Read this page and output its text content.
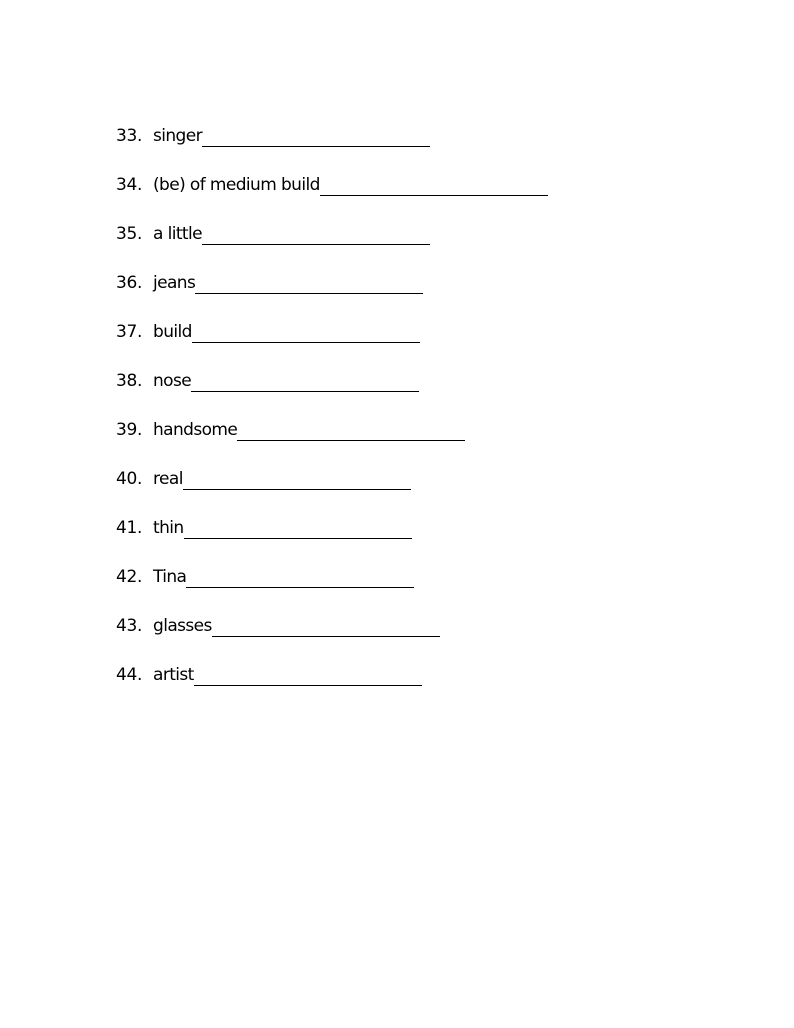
33. singer
34. (be) of medium build
35. a little
36. jeans
37. build
38. nose
39. handsome
40. real
41. thin
42. Tina
43. glasses
44. artist
